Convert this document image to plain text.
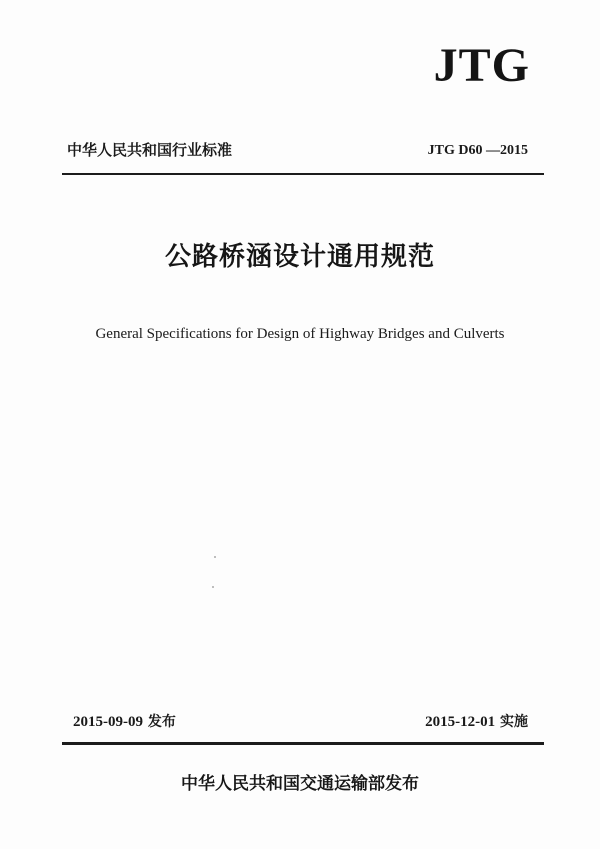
JTG
中华人民共和国行业标准	JTG D60 —2015
公路桥涵设计通用规范
General Specifications for Design of Highway Bridges and Culverts
2015-09-09 发布	2015-12-01 实施
中华人民共和国交通运输部发布
